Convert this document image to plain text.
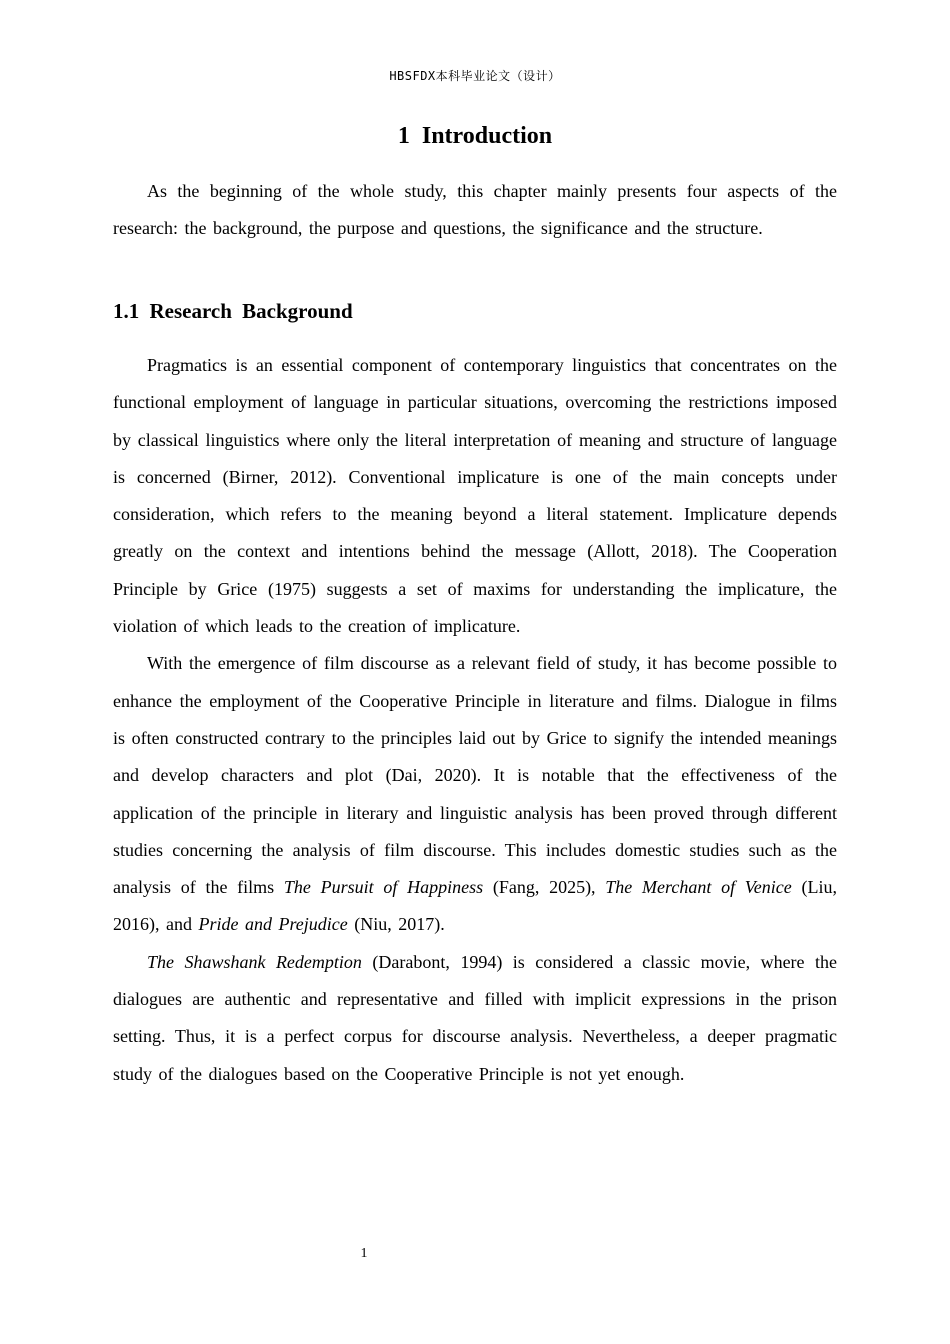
HBSFDX本科毕业论文（设计）
1 Introduction

As the beginning of the whole study, this chapter mainly presents four aspects of the research: the background, the purpose and questions, the significance and the structure.

1.1 Research Background

Pragmatics is an essential component of contemporary linguistics that concentrates on the functional employment of language in particular situations, overcoming the restrictions imposed by classical linguistics where only the literal interpretation of meaning and structure of language is concerned (Birner, 2012). Conventional implicature is one of the main concepts under consideration, which refers to the meaning beyond a literal statement. Implicature depends greatly on the context and intentions behind the message (Allott, 2018). The Cooperation Principle by Grice (1975) suggests a set of maxims for understanding the implicature, the violation of which leads to the creation of implicature.

With the emergence of film discourse as a relevant field of study, it has become possible to enhance the employment of the Cooperative Principle in literature and films. Dialogue in films is often constructed contrary to the principles laid out by Grice to signify the intended meanings and develop characters and plot (Dai, 2020). It is notable that the effectiveness of the application of the principle in literary and linguistic analysis has been proved through different studies concerning the analysis of film discourse. This includes domestic studies such as the analysis of the films The Pursuit of Happiness (Fang, 2025), The Merchant of Venice (Liu, 2016), and Pride and Prejudice (Niu, 2017).

The Shawshank Redemption (Darabont, 1994) is considered a classic movie, where the dialogues are authentic and representative and filled with implicit expressions in the prison setting. Thus, it is a perfect corpus for discourse analysis. Nevertheless, a deeper pragmatic study of the dialogues based on the Cooperative Principle is not yet enough.

1
